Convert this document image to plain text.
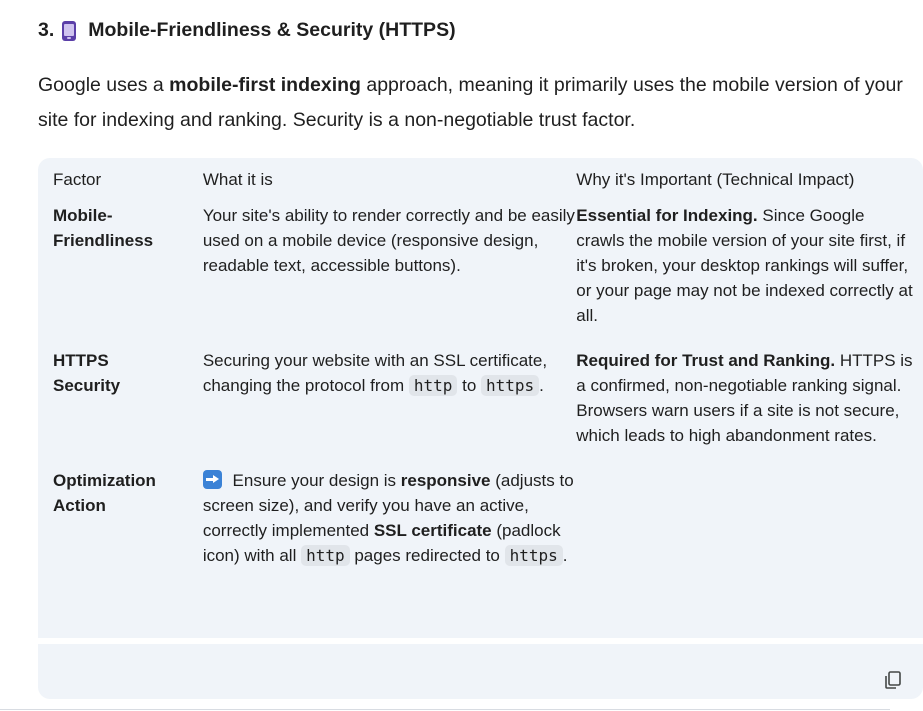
3. Mobile-Friendliness & Security (HTTPS)
Google uses a mobile-first indexing approach, meaning it primarily uses the mobile version of your site for indexing and ranking. Security is a non-negotiable trust factor.
Factor	What it is	Why it's Important (Technical Impact)
Mobile-Friendliness	Your site's ability to render correctly and be easily used on a mobile device (responsive design, readable text, accessible buttons).	Essential for Indexing. Since Google crawls the mobile version of your site first, if it's broken, your desktop rankings will suffer, or your page may not be indexed correctly at all.
HTTPS Security	Securing your website with an SSL certificate, changing the protocol from http to https .	Required for Trust and Ranking. HTTPS is a confirmed, non-negotiable ranking signal. Browsers warn users if a site is not secure, which leads to high abandonment rates.
Optimization Action	Ensure your design is responsive (adjusts to screen size), and verify you have an active, correctly implemented SSL certificate (padlock icon) with all http pages redirected to https .	
